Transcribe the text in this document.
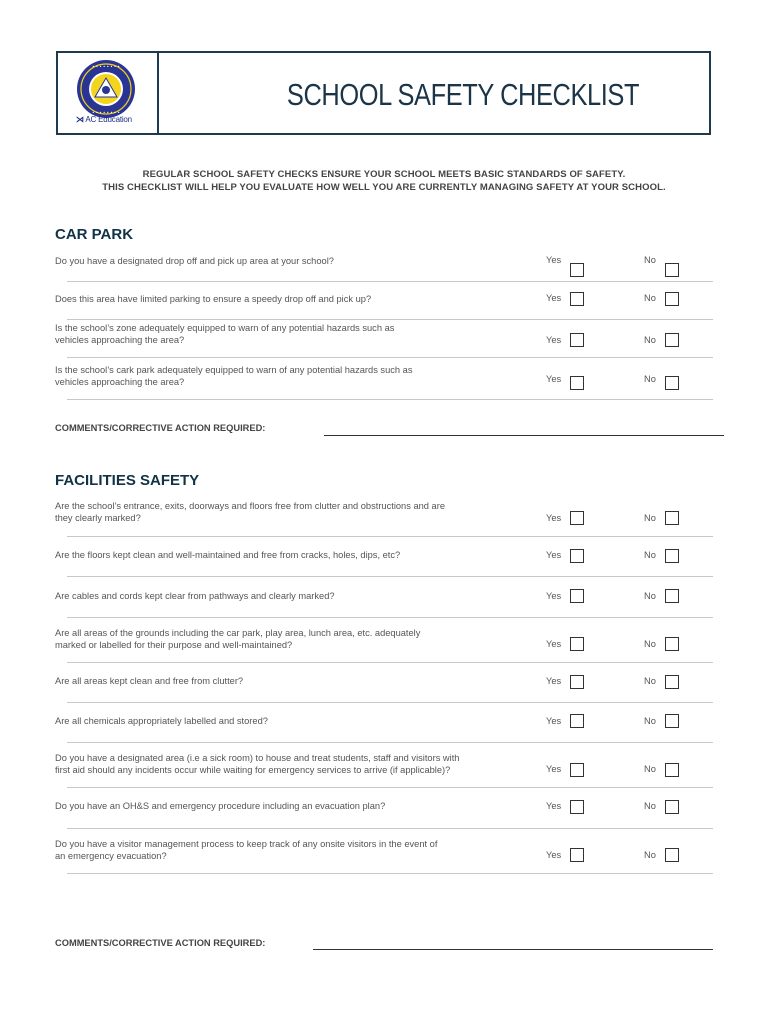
• • • • • • • •
• • • • • • • •
⋊ AC Education
SCHOOL SAFETY CHECKLIST
REGULAR SCHOOL SAFETY CHECKS ENSURE YOUR SCHOOL MEETS BASIC STANDARDS OF SAFETY.
THIS CHECKLIST WILL HELP YOU EVALUATE HOW WELL YOU ARE CURRENTLY MANAGING SAFETY AT YOUR SCHOOL.
CAR PARK
Do you have a designated drop off and pick up area at your school?	Yes	No
Does this area have limited parking to ensure a speedy drop off and pick up?	Yes	No
Is the school’s zone adequately equipped to warn of any potential hazards such as
vehicles approaching the area?	Yes	No
Is the school’s cark park adequately equipped to warn of any potential hazards such as
vehicles approaching the area?	Yes	No
COMMENTS/CORRECTIVE ACTION REQUIRED:
FACILITIES SAFETY
Are the school’s entrance, exits, doorways and floors free from clutter and obstructions and are
they clearly marked?	Yes	No
Are the floors kept clean and well-maintained and free from cracks, holes, dips, etc?	Yes	No
Are cables and cords kept clear from pathways and clearly marked?	Yes	No
Are all areas of the grounds including the car park, play area, lunch area, etc. adequately
marked or labelled for their purpose and well-maintained?	Yes	No
Are all areas kept clean and free from clutter?	Yes	No
Are all chemicals appropriately labelled and stored?	Yes	No
Do you have a designated area (i.e a sick room) to house and treat students, staff and visitors with
first aid should any incidents occur while waiting for emergency services to arrive (if applicable)?	Yes	No
Do you have an OH&S and emergency procedure including an evacuation plan?	Yes	No
Do you have a visitor management process to keep track of any onsite visitors in the event of
an emergency evacuation?	Yes	No
COMMENTS/CORRECTIVE ACTION REQUIRED:
